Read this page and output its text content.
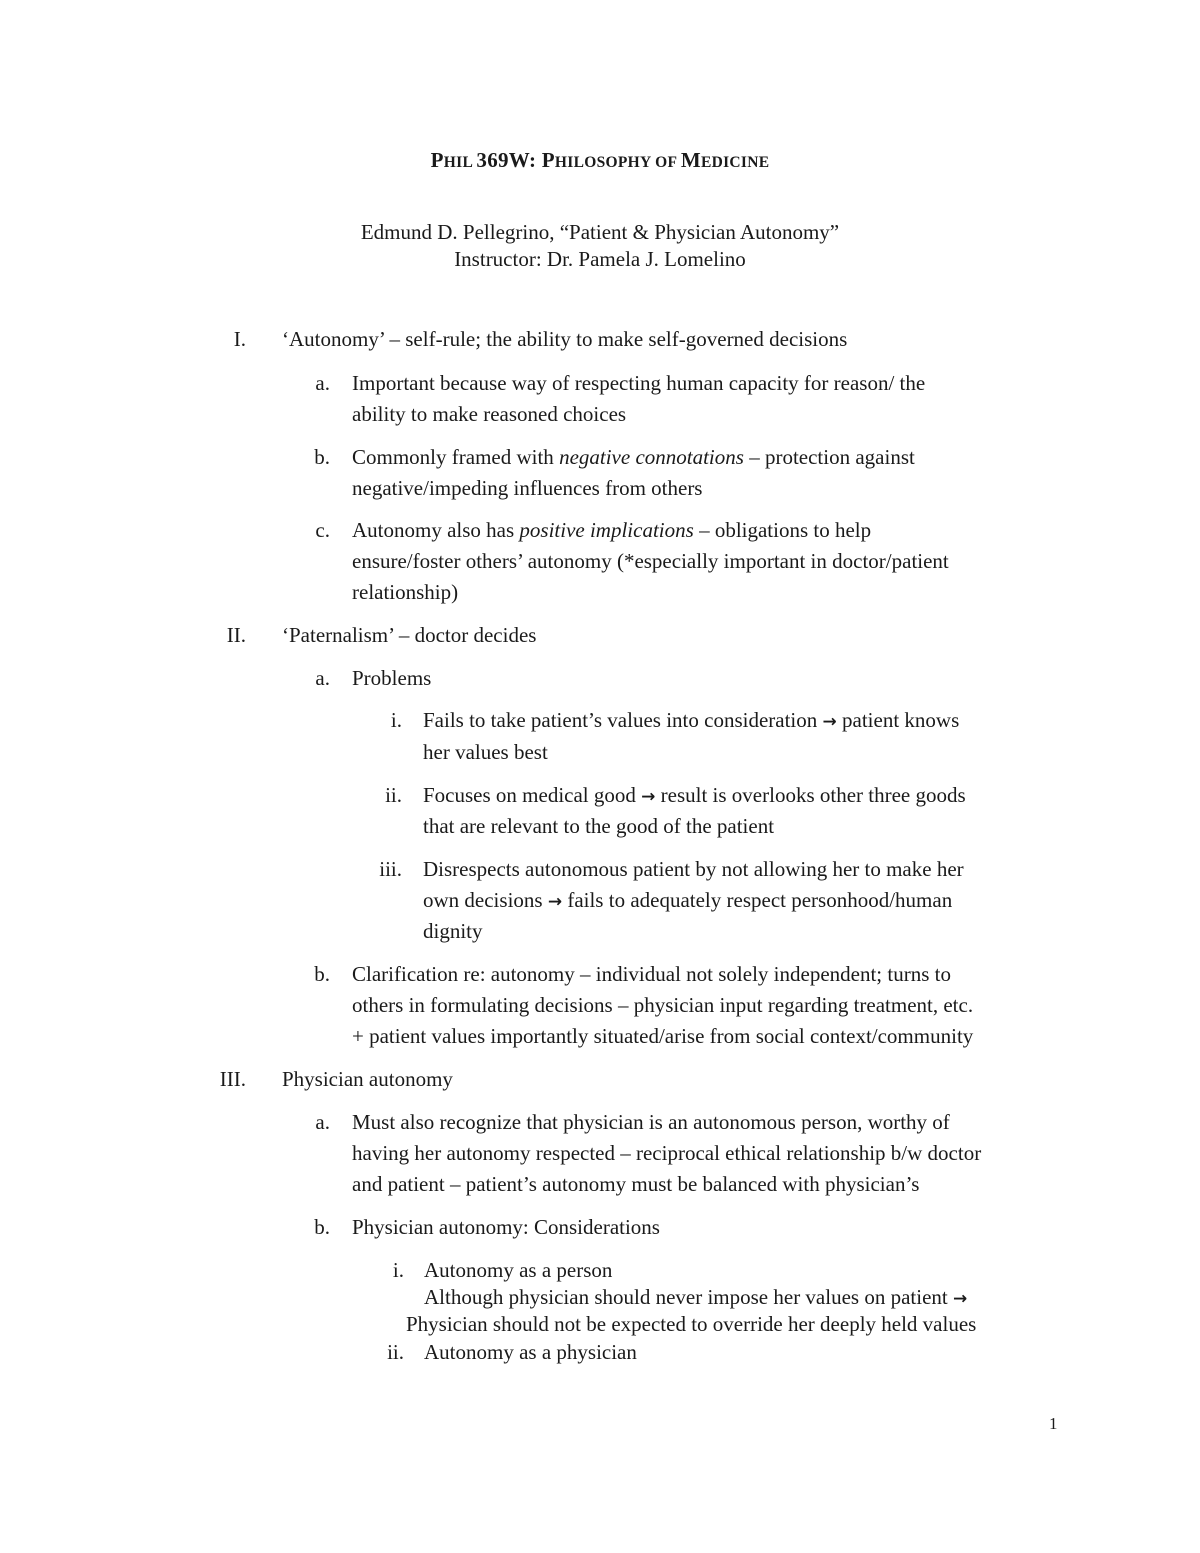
PHIL 369W: PHILOSOPHY OF MEDICINE
Edmund D. Pellegrino, “Patient & Physician Autonomy”
Instructor: Dr. Pamela J. Lomelino
I. ‘Autonomy’ – self-rule; the ability to make self-governed decisions
a. Important because way of respecting human capacity for reason/ the
ability to make reasoned choices
b. Commonly framed with negative connotations – protection against
negative/impeding influences from others
c. Autonomy also has positive implications – obligations to help
ensure/foster others’ autonomy (*especially important in doctor/patient
relationship)
II. ‘Paternalism’ – doctor decides
a. Problems
i. Fails to take patient’s values into consideration → patient knows
her values best
ii. Focuses on medical good → result is overlooks other three goods
that are relevant to the good of the patient
iii. Disrespects autonomous patient by not allowing her to make her
own decisions → fails to adequately respect personhood/human
dignity
b. Clarification re: autonomy – individual not solely independent; turns to
others in formulating decisions – physician input regarding treatment, etc.
+ patient values importantly situated/arise from social context/community
III. Physician autonomy
a. Must also recognize that physician is an autonomous person, worthy of
having her autonomy respected – reciprocal ethical relationship b/w doctor
and patient – patient’s autonomy must be balanced with physician’s
b. Physician autonomy: Considerations
i. Autonomy as a person
Although physician should never impose her values on patient →
Physician should not be expected to override her deeply held values
ii. Autonomy as a physician
1
